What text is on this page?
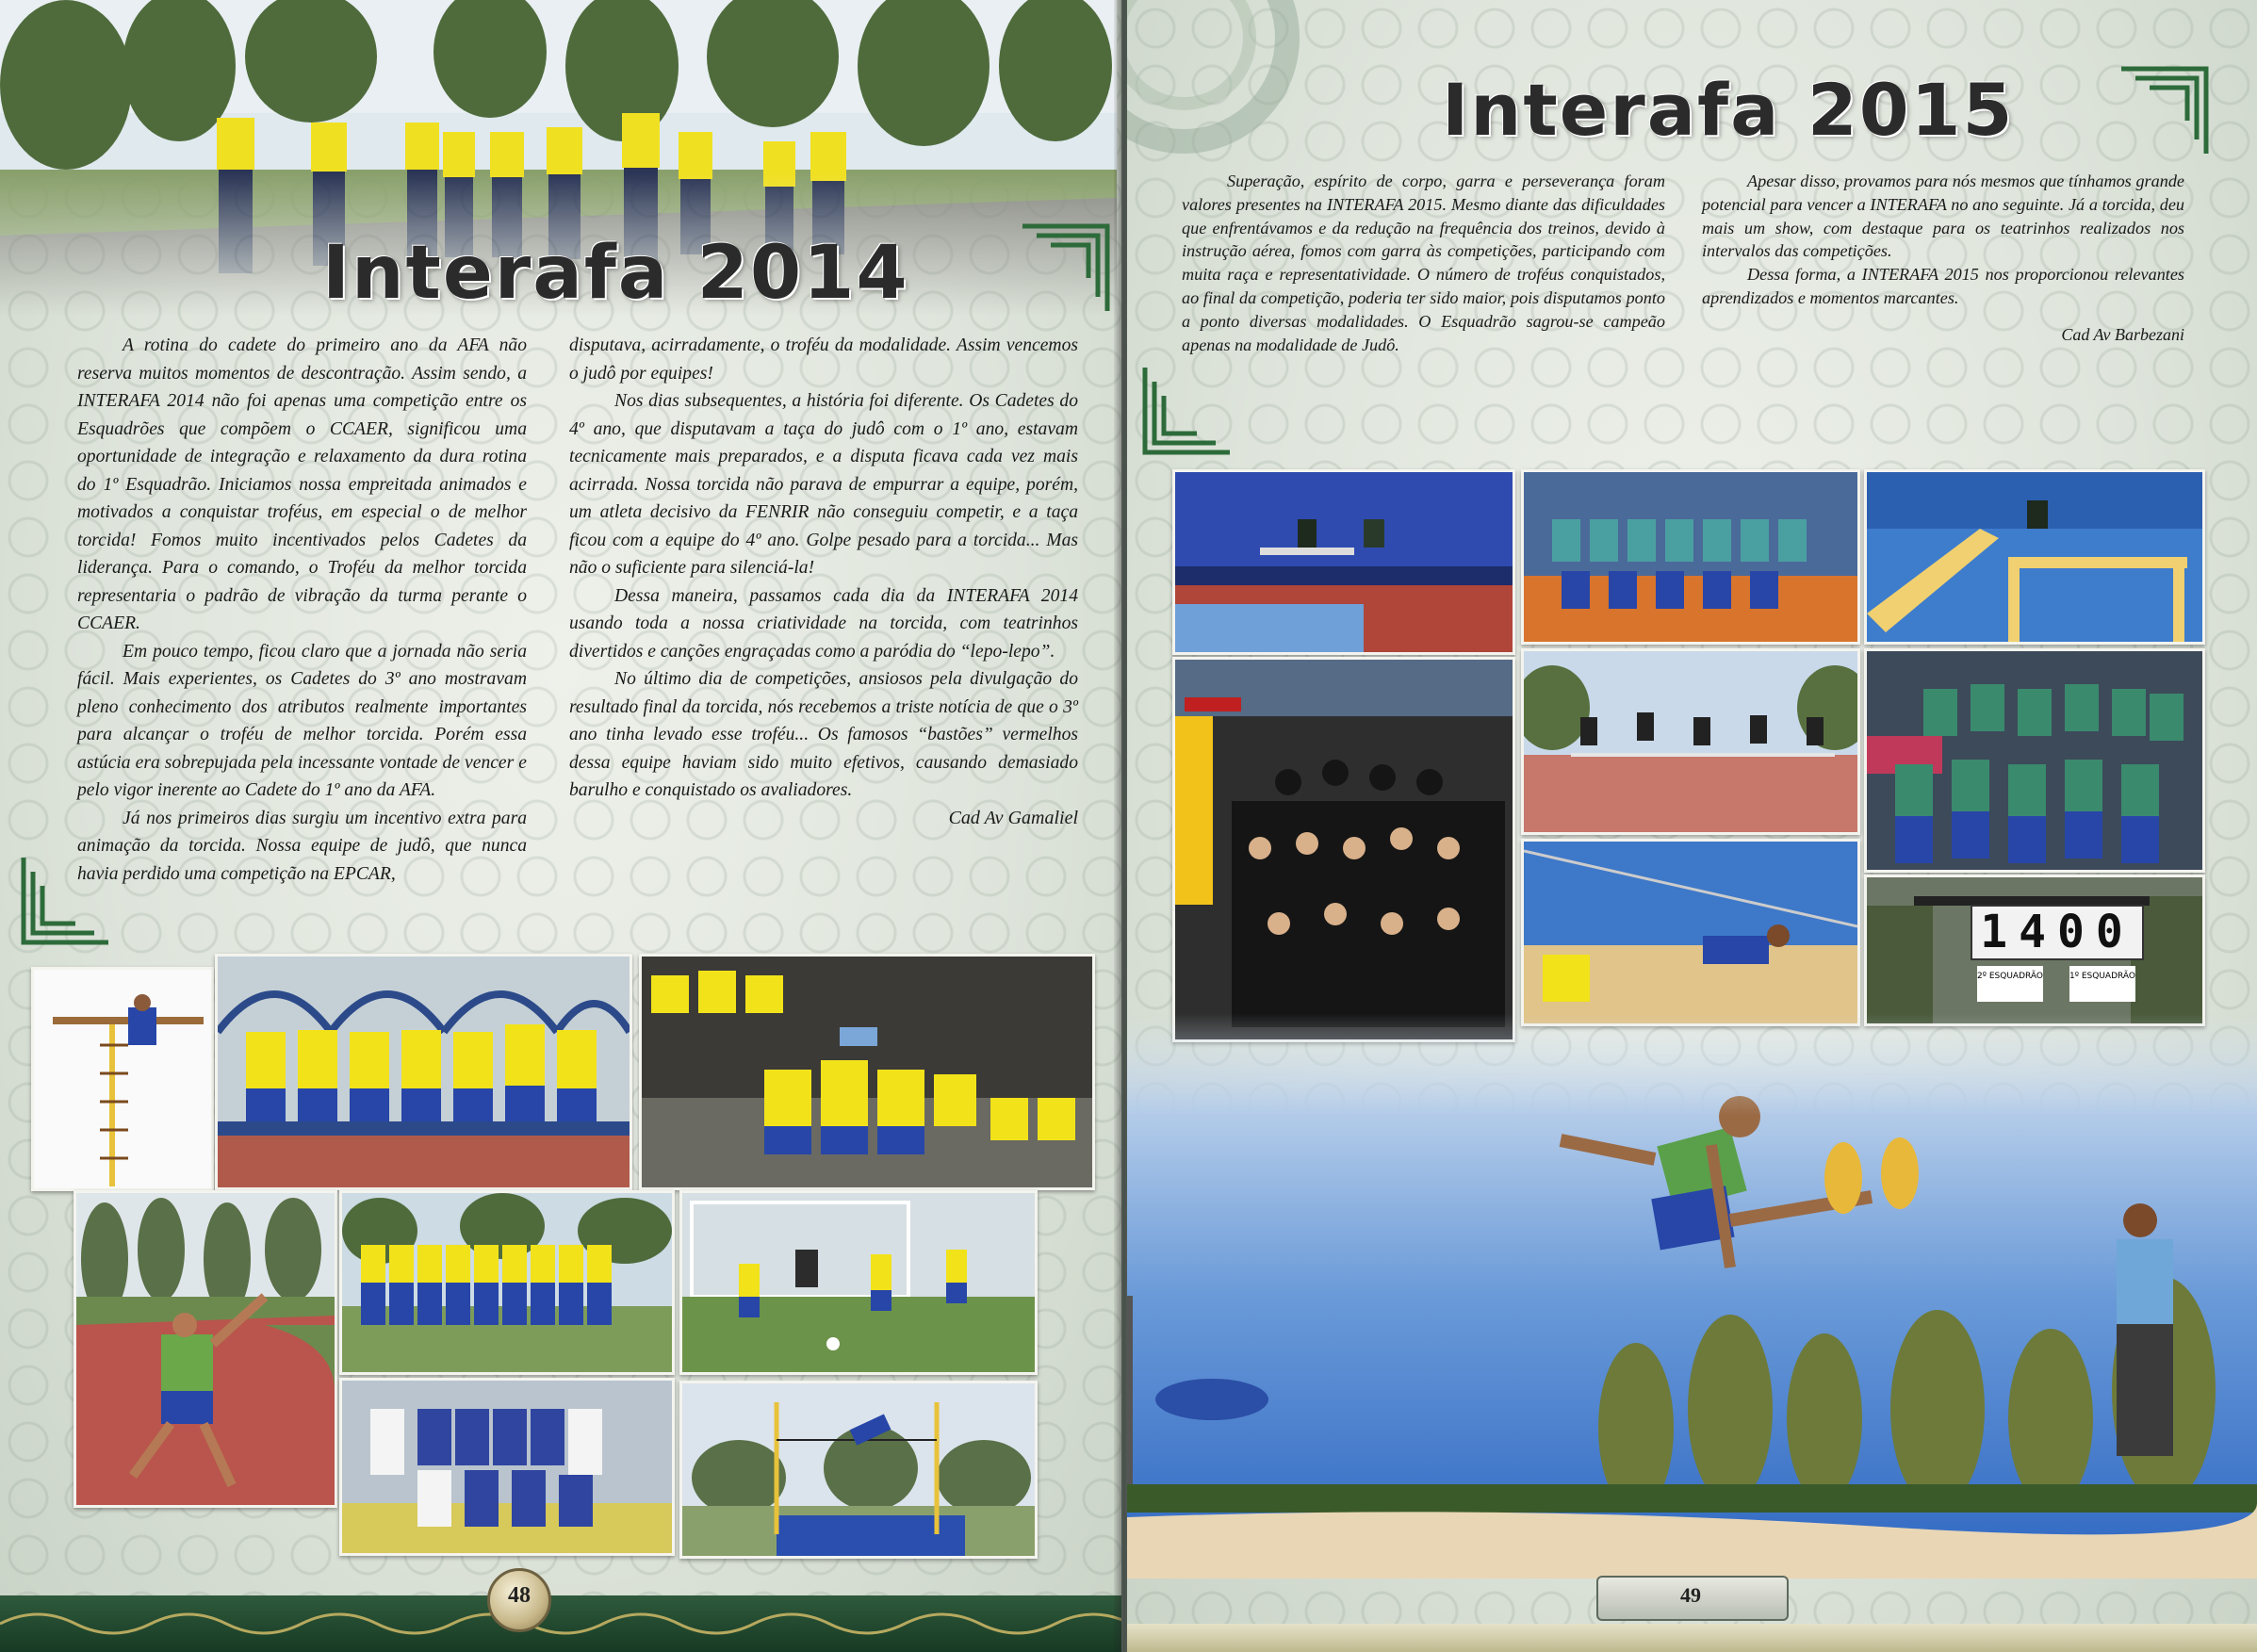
Interafa 2014

A rotina do cadete do primeiro ano da AFA não reserva muitos momentos de descontração. Assim sendo, a INTERAFA 2014 não foi apenas uma competição entre os Esquadrões que compõem o CCAER, significou uma oportunidade de integração e relaxamento da dura rotina do 1º Esquadrão. Iniciamos nossa empreitada animados e motivados a conquistar troféus, em especial o de melhor torcida! Fomos muito incentivados pelos Cadetes da liderança. Para o comando, o Troféu da melhor torcida representaria o padrão de vibração da turma perante o CCAER.

Em pouco tempo, ficou claro que a jornada não seria fácil. Mais experientes, os Cadetes do 3º ano mostravam pleno conhecimento dos atributos realmente importantes para alcançar o troféu de melhor torcida. Porém essa astúcia era sobrepujada pela incessante vontade de vencer e pelo vigor inerente ao Cadete do 1º ano da AFA.

Já nos primeiros dias surgiu um incentivo extra para animação da torcida. Nossa equipe de judô, que nunca havia perdido uma competição na EPCAR,

disputava, acirradamente, o troféu da modalidade. Assim vencemos o judô por equipes!

Nos dias subsequentes, a história foi diferente. Os Cadetes do 4º ano, que disputavam a taça do judô com o 1º ano, estavam tecnicamente mais preparados, e a disputa ficava cada vez mais acirrada. Nossa torcida não parava de empurrar a equipe, porém, um atleta decisivo da FENRIR não conseguiu competir, e a taça ficou com a equipe do 4º ano. Golpe pesado para a torcida... Mas não o suficiente para silenciá-la!

Dessa maneira, passamos cada dia da INTERAFA 2014 usando toda a nossa criatividade na torcida, com teatrinhos divertidos e canções engraçadas como a paródia do “lepo-lepo”.

No último dia de competições, ansiosos pela divulgação do resultado final da torcida, nós recebemos a triste notícia de que o 3º ano tinha levado esse troféu... Os famosos “bastões” vermelhos dessa equipe haviam sido muito efetivos, causando demasiado barulho e conquistado os avaliadores.

Cad Av Gamaliel
48
Interafa 2015

Superação, espírito de corpo, garra e perseverança foram valores presentes na INTERAFA 2015. Mesmo diante das dificuldades que enfrentávamos e da redução na frequência dos treinos, devido à instrução aérea, fomos com garra às competições, participando com muita raça e representatividade. O número de troféus conquistados, ao final da competição, poderia ter sido maior, pois disputamos ponto a ponto diversas modalidades. O Esquadrão sagrou-se campeão apenas na modalidade de Judô.

Apesar disso, provamos para nós mesmos que tínhamos grande potencial para vencer a INTERAFA no ano seguinte. Já a torcida, deu mais um show, com destaque para os teatrinhos realizados nos intervalos das competições.

Dessa forma, a INTERAFA 2015 nos proporcionou relevantes aprendizados e momentos marcantes.

Cad Av Barbezani
1400
2º ESQUADRÃO	1º ESQUADRÃO
49
